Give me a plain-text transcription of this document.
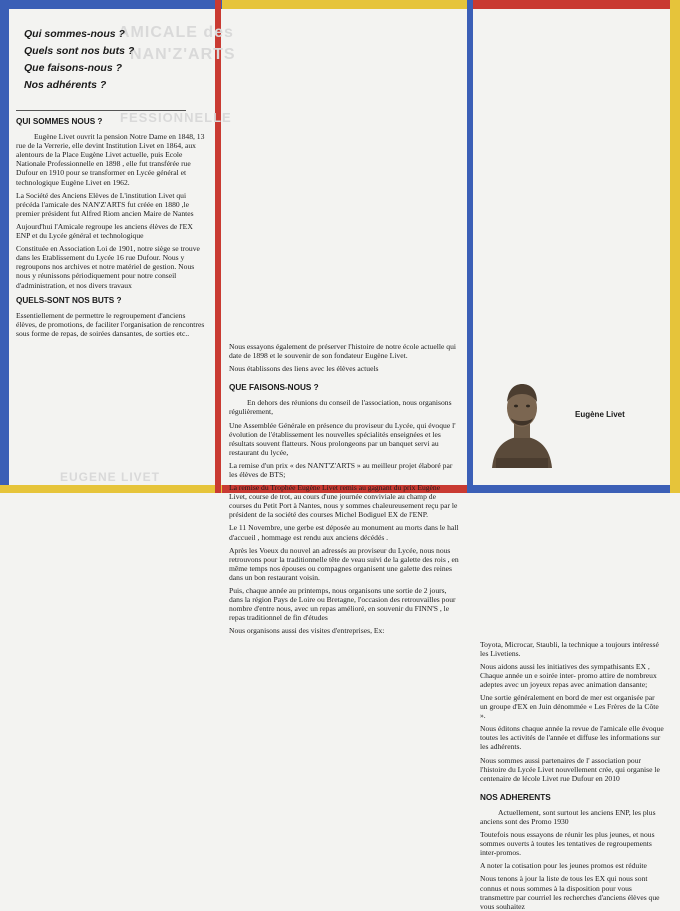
AMICALE des
NAN'Z'ARTS
FESSIONNELLE
EUGENE LIVET
Qui sommes-nous ?
Quels sont nos buts ?
Que faisons-nous ?
Nos adhérents ?
QUI SOMMES NOUS ?

Eugène Livet ouvrit la pension Notre Dame en 1848, 13 rue de la Verrerie, elle devint Institution Livet en 1864, aux alentours de la Place Eugène Livet actuelle, puis Ecole Nationale Professionnelle en 1898 , elle fut transférée rue Dufour en 1910 pour se transformer en Lycée général et technologique Eugène Livet en 1962.

La Société des Anciens Elèves de L'institution Livet qui précéda l'amicale des NAN'Z'ARTS fut créée en 1880 ,le premier président fut Alfred Riom ancien Maire de Nantes

Aujourd'hui l'Amicale regroupe les anciens élèves de l'EX ENP et du Lycée général et technologique

Constituée en Association Loi de 1901, notre siège se trouve dans les Etablissement du Lycée 16 rue Dufour. Nous y regroupons nos archives et notre matériel de gestion. Nous nous y réunissons périodiquement pour notre conseil d'administration, et nos divers travaux

QUELS-SONT NOS BUTS ?

Essentiellement de permettre le regroupement d'anciens élèves, de promotions, de faciliter l'organisation de rencontres sous forme de repas, de soirées dansantes, de sorties etc..

Nous essayons également de préserver l'histoire de notre école actuelle qui date de 1898 et le souvenir de son fondateur Eugène Livet.

Nous établissons des liens avec les élèves actuels

QUE FAISONS-NOUS ?

En dehors des réunions du conseil de l'association, nous organisons régulièrement,

Une Assemblée Générale en présence du proviseur du Lycée, qui évoque l' évolution de l'établissement les nouvelles spécialités enseignées et les résultats souvent flatteurs. Nous prolongeons par un banquet servi au restaurant du lycée,

La remise d'un prix « des NANT'Z'ARTS » au meilleur projet élaboré par les élèves de BTS;

La remise du Trophée Eugène Livet remis au gagnant du prix Eugène Livet, course de trot, au cours d'une journée conviviale au champ de courses du Petit Port à Nantes, nous y sommes chaleureusement reçu par le président de la société des courses Michel Bodiguel EX de l'ENP.

Le 11 Novembre, une gerbe est déposée au monument au morts dans le hall d'accueil , hommage est rendu aux anciens décédés .

Après les Voeux du nouvel an adressés au proviseur du Lycée, nous nous retrouvons pour la traditionnelle tête de veau suivi de la galette des rois , en même temps nos épouses ou compagnes organisent une galette des reines dans un bon restaurant voisin.

Puis, chaque année au printemps, nous organisons une sortie de 2 jours, dans la région Pays de Loire ou Bretagne, l'occasion des retrouvailles pour nombre d'entre nous, avec un repas amélioré, en souvenir du FINN'S , le repas traditionnel de fin d'études

Nous organisons aussi des visites d'entreprises, Ex:

Toyota, Microcar, Staubli, la technique a toujours intéressé les Livetiens.

Nous aidons aussi les initiatives des sympathisants EX , Chaque année un e soirée inter- promo attire de nombreux adeptes avec un joyeux repas avec animation dansante;

Une sortie généralement en bord de mer est organisée par un groupe d'EX en Juin dénommée « Les Frères de la Côte ».

Nous éditons chaque année la revue de l'amicale elle évoque toutes les activités de l'année et diffuse les informations sur les adhérents.

Nous sommes aussi partenaires de l' association pour l'histoire du Lycée Livet nouvellement crée, qui organise le centenaire de lécole Livet rue Dufour en 2010

NOS ADHERENTS

Actuellement, sont surtout les anciens ENP, les plus anciens sont des Promo 1930

Toutefois nous essayons de réunir les plus jeunes, et nous sommes ouverts à toutes les tentatives de regroupements inter-promos.

A noter la cotisation pour les jeunes promos est réduite

Nous tenons à jour la liste de tous les EX qui nous sont connus et nous sommes à la disposition pour vous transmettre par courriel les recherches d'anciens élèves que vous souhaitez

Eugène Livet
